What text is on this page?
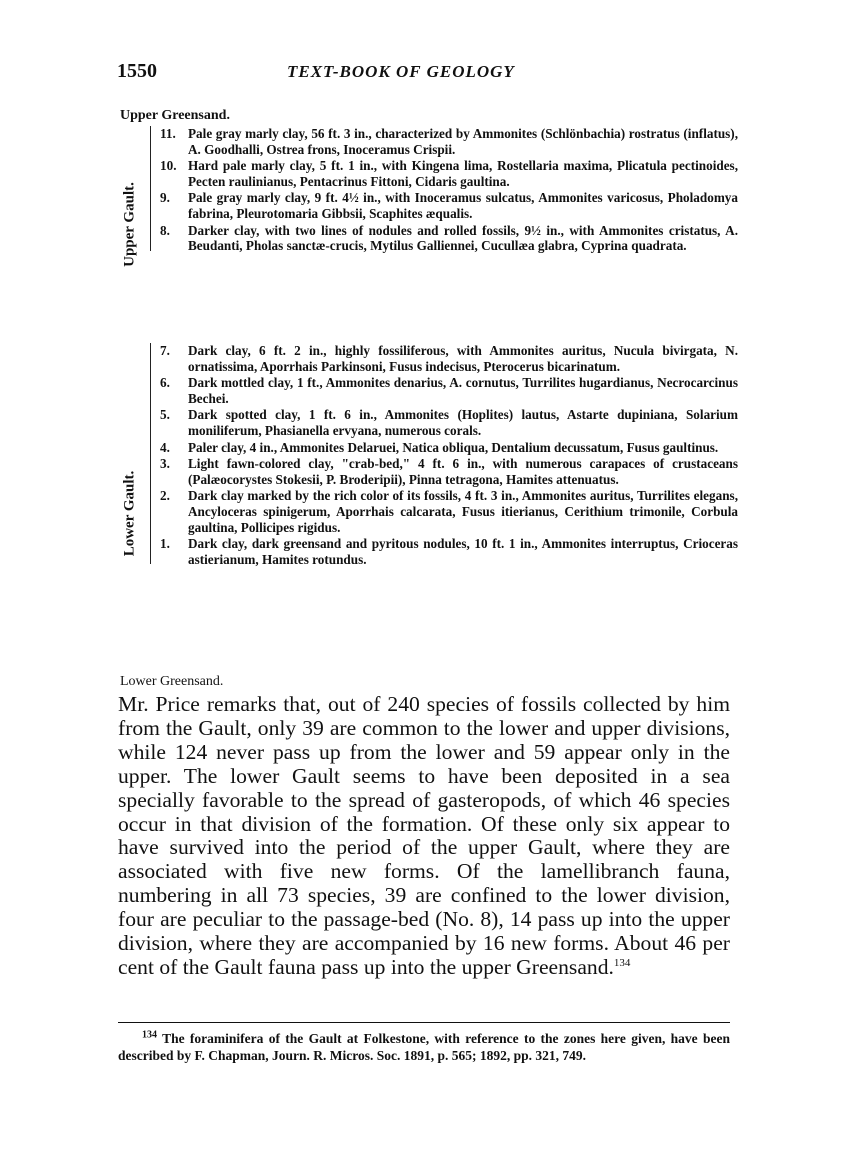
1550	TEXT-BOOK OF GEOLOGY
Upper Greensand.
Upper Gault.
11. Pale gray marly clay, 56 ft. 3 in., characterized by Ammonites (Schlönbachia) rostratus (inflatus), A. Goodhalli, Ostrea frons, Inoceramus Crispii.
10. Hard pale marly clay, 5 ft. 1 in., with Kingena lima, Rostellaria maxima, Plicatula pectinoides, Pecten raulinianus, Pentacrinus Fittoni, Cidaris gaultina.
9. Pale gray marly clay, 9 ft. 4½ in., with Inoceramus sulcatus, Ammonites varicosus, Pholadomya fabrina, Pleurotomaria Gibbsii, Scaphites æqualis.
8. Darker clay, with two lines of nodules and rolled fossils, 9½ in., with Ammonites cristatus, A. Beudanti, Pholas sanctæ-crucis, Mytilus Galliennei, Cucullæa glabra, Cyprina quadrata.
Lower Gault.
7. Dark clay, 6 ft. 2 in., highly fossiliferous, with Ammonites auritus, Nucula bivirgata, N. ornatissima, Aporrhais Parkinsoni, Fusus indecisus, Pterocerus bicarinatum.
6. Dark mottled clay, 1 ft., Ammonites denarius, A. cornutus, Turrilites hugardianus, Necrocarcinus Bechei.
5. Dark spotted clay, 1 ft. 6 in., Ammonites (Hoplites) lautus, Astarte dupiniana, Solarium moniliferum, Phasianella ervyana, numerous corals.
4. Paler clay, 4 in., Ammonites Delaruei, Natica obliqua, Dentalium decussatum, Fusus gaultinus.
3. Light fawn-colored clay, "crab-bed," 4 ft. 6 in., with numerous carapaces of crustaceans (Palæocorystes Stokesii, P. Broderipii), Pinna tetragona, Hamites attenuatus.
2. Dark clay marked by the rich color of its fossils, 4 ft. 3 in., Ammonites auritus, Turrilites elegans, Ancyloceras spinigerum, Aporrhais calcarata, Fusus itierianus, Cerithium trimonile, Corbula gaultina, Pollicipes rigidus.
1. Dark clay, dark greensand and pyritous nodules, 10 ft. 1 in., Ammonites interruptus, Crioceras astierianum, Hamites rotundus.
Lower Greensand.

Mr. Price remarks that, out of 240 species of fossils collected by him from the Gault, only 39 are common to the lower and upper divisions, while 124 never pass up from the lower and 59 appear only in the upper. The lower Gault seems to have been deposited in a sea specially favorable to the spread of gasteropods, of which 46 species occur in that division of the formation. Of these only six appear to have survived into the period of the upper Gault, where they are associated with five new forms. Of the lamellibranch fauna, numbering in all 73 species, 39 are confined to the lower division, four are peculiar to the passage-bed (No. 8), 14 pass up into the upper division, where they are accompanied by 16 new forms. About 46 per cent of the Gault fauna pass up into the upper Greensand.$^{134}$

$^{134}$ The foraminifera of the Gault at Folkestone, with reference to the zones here given, have been described by F. Chapman, Journ. R. Micros. Soc. 1891, p. 565; 1892, pp. 321, 749.
